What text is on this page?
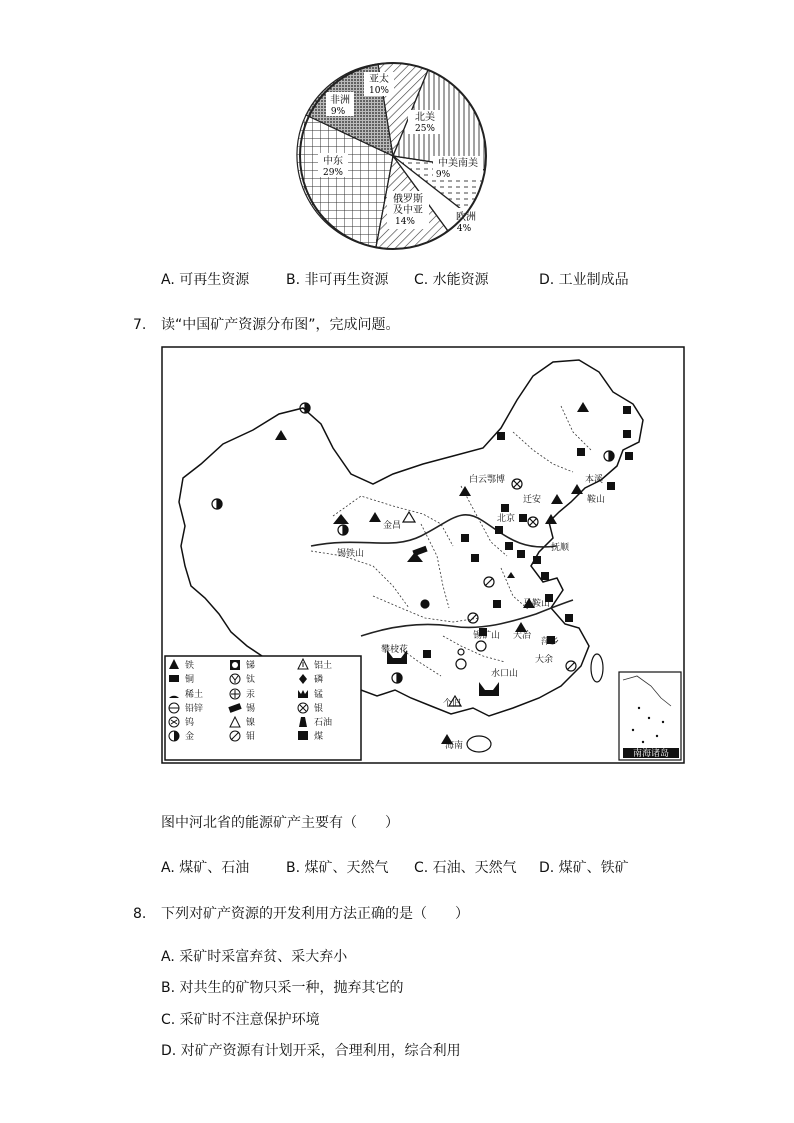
亚太
10%
北美
25%
中美南美
9%
欧洲
4%
俄罗斯
及中亚
14%
中东
29%
非洲
9%
A. 可再生资源	B. 非可再生资源 C. 水能资源	D. 工业制成品
7. 读“中国矿产资源分布图”，完成问题。
白云鄂博
迁安
北京
本溪
鞍山
抚顺
金昌
锡铁山
马鞍山
大冶
锡矿山
萍乡
大余
水口山
攀枝花
个旧
海南
南海诸岛
铁	锑	铝土
铜	钛	磷
稀土	汞	锰
铅锌	锡	银
钨	镍	石油
金	钼	煤
图中河北省的能源矿产主要有（　　）
A. 煤矿、石油	B. 煤矿、天然气 C. 石油、天然气 D. 煤矿、铁矿
8. 下列对矿产资源的开发利用方法正确的是（　　）
A. 采矿时采富弃贫、采大弃小
B. 对共生的矿物只采一种，抛弃其它的
C. 采矿时不注意保护环境
D. 对矿产资源有计划开采，合理利用，综合利用
